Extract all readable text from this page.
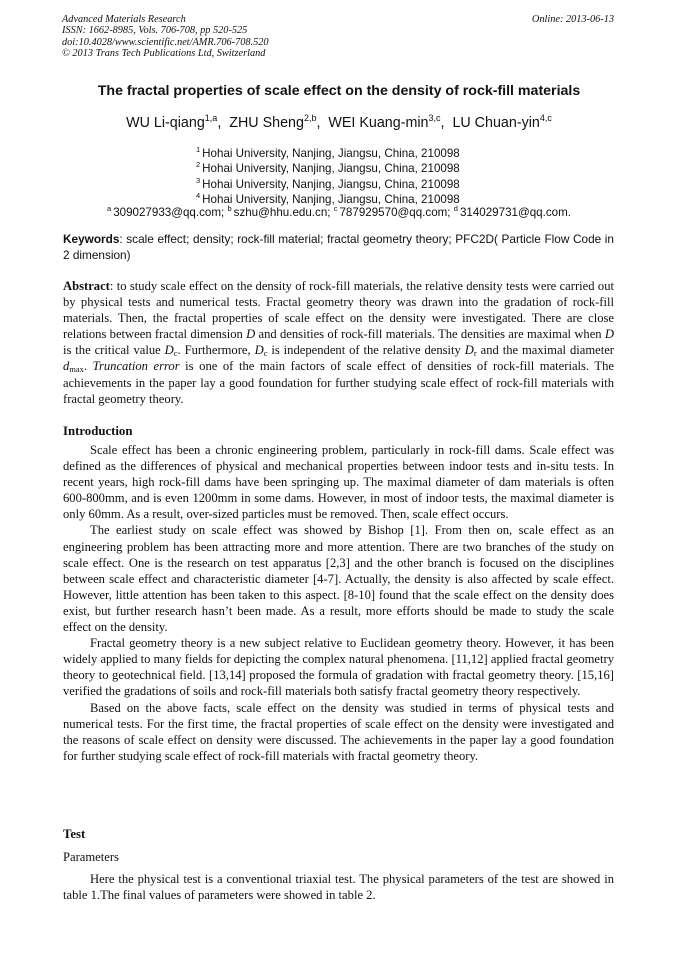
Advanced Materials Research
ISSN: 1662-8985, Vols. 706-708, pp 520-525
doi:10.4028/www.scientific.net/AMR.706-708.520
© 2013 Trans Tech Publications Ltd, Switzerland
Online: 2013-06-13
The fractal properties of scale effect on the density of rock-fill materials
WU Li-qiang$^{1,a}$,  ZHU Sheng$^{2,b}$,  WEI Kuang-$\min^{3,c}$,  LU Chuan-yin$^{4,c}$
$^1$ Hohai University, Nanjing, Jiangsu, China, 210098
$^2$ Hohai University, Nanjing, Jiangsu, China, 210098
$^3$ Hohai University, Nanjing, Jiangsu, China, 210098
$^4$ Hohai University, Nanjing, Jiangsu, China, 210098
$^a$ 309027933@qq.com; $^b$ szhu@hhu.edu.cn; $^c$ 787929570@qq.com; $^d$ 314029731@qq.com.
Keywords: scale effect; density; rock-fill material; fractal geometry theory; PFC2D( Particle Flow Code in 2 dimension)
Abstract: to study scale effect on the density of rock-fill materials, the relative density tests were carried out by physical tests and numerical tests. Fractal geometry theory was drawn into the gradation of rock-fill materials. Then, the fractal properties of scale effect on the density were investigated. There are close relations between fractal dimension D and densities of rock-fill materials. The densities are maximal when D is the critical value $D_c$. Furthermore, $D_c$ is independent of the relative density $D_r$ and the maximal diameter $d_{max}$. Truncation error is one of the main factors of scale effect of densities of rock-fill materials. The achievements in the paper lay a good foundation for further studying scale effect of rock-fill materials with fractal geometry theory.
Introduction

Scale effect has been a chronic engineering problem, particularly in rock-fill dams. Scale effect was defined as the differences of physical and mechanical properties between indoor tests and in-situ tests. In recent years, high rock-fill dams have been springing up. The maximal diameter of dam materials is often 600-800mm, and is even 1200mm in some dams. However, in most of indoor tests, the maximal diameter is only 60mm. As a result, over-sized particles must be removed. Then, scale effect occurs.

The earliest study on scale effect was showed by Bishop [1]. From then on, scale effect as an engineering problem has been attracting more and more attention. There are two branches of the study on scale effect. One is the research on test apparatus [2,3] and the other branch is focused on the disciplines between scale effect and characteristic diameter [4-7]. Actually, the density is also affected by scale effect. However, little attention has been taken to this aspect. [8-10] found that the scale effect on the density does exist, but further research hasn’t been made. As a result, more efforts should be made to study the scale effect on the density.

Fractal geometry theory is a new subject relative to Euclidean geometry theory. However, it has been widely applied to many fields for depicting the complex natural phenomena. [11,12] applied fractal geometry theory to geotechnical field. [13,14] proposed the formula of gradation with fractal geometry theory. [15,16] verified the gradations of soils and rock-fill materials both satisfy fractal geometry theory respectively.

Based on the above facts, scale effect on the density was studied in terms of physical tests and numerical tests. For the first time, the fractal properties of scale effect on the density were investigated and the reasons of scale effect on density were discussed. The achievements in the paper lay a good foundation for further studying scale effect of rock-fill materials with fractal geometry theory.

Test
Parameters

Here the physical test is a conventional triaxial test. The physical parameters of the test are showed in table 1.The final values of parameters were showed in table 2.
